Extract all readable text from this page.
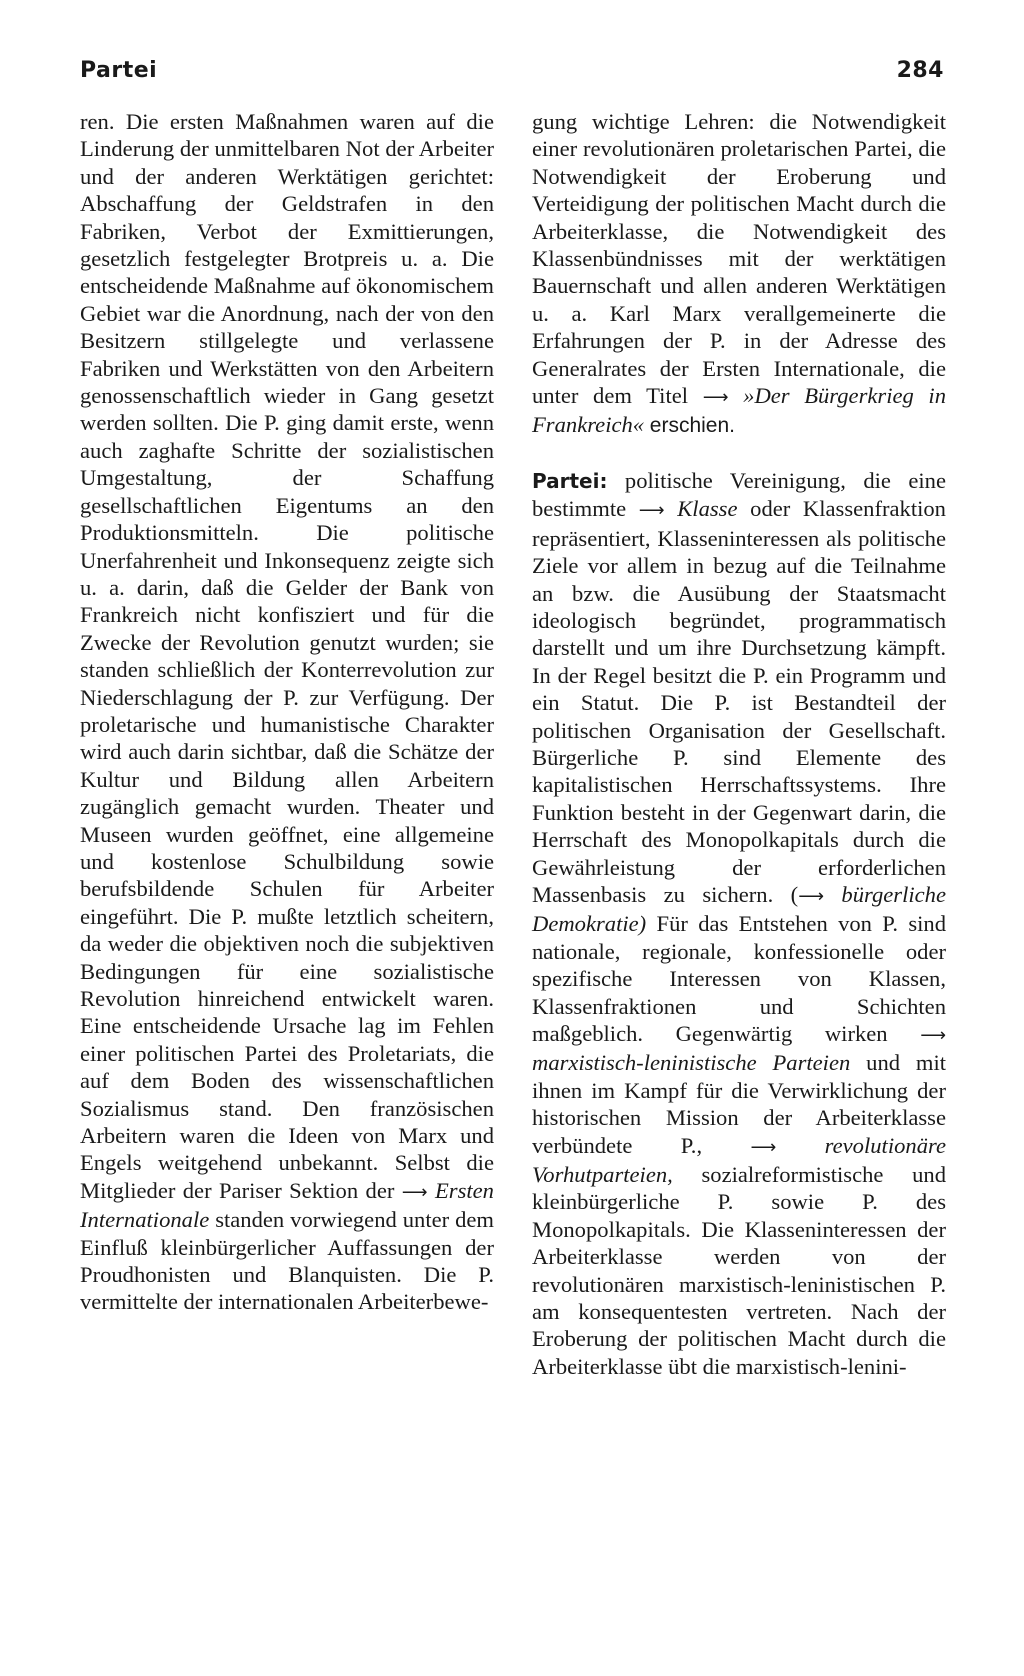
Partei	284

ren. Die ersten Maßnahmen waren auf die Linderung der unmittelbaren Not der Arbeiter und der anderen Werktätigen gerichtet: Abschaffung der Geldstrafen in den Fabriken, Verbot der Exmittierungen, gesetzlich festgelegter Brotpreis u. a. Die entscheidende Maßnahme auf ökonomischem Gebiet war die Anordnung, nach der von den Besitzern stillgelegte und verlassene Fabriken und Werkstätten von den Arbeitern genossenschaftlich wieder in Gang gesetzt werden sollten. Die P. ging damit erste, wenn auch zaghafte Schritte der sozialistischen Umgestaltung, der Schaffung gesellschaftlichen Eigentums an den Produktionsmitteln. Die politische Unerfahrenheit und Inkonsequenz zeigte sich u. a. darin, daß die Gelder der Bank von Frankreich nicht konfisziert und für die Zwecke der Revolution genutzt wurden; sie standen schließlich der Konterrevolution zur Niederschlagung der P. zur Verfügung. Der proletarische und humanistische Charakter wird auch darin sichtbar, daß die Schätze der Kultur und Bildung allen Arbeitern zugänglich gemacht wurden. Theater und Museen wurden geöffnet, eine allgemeine und kostenlose Schulbildung sowie berufsbildende Schulen für Arbeiter eingeführt. Die P. mußte letztlich scheitern, da weder die objektiven noch die subjektiven Bedingungen für eine sozialistische Revolution hinreichend entwickelt waren. Eine entscheidende Ursache lag im Fehlen einer politischen Partei des Proletariats, die auf dem Boden des wissenschaftlichen Sozialismus stand. Den französischen Arbeitern waren die Ideen von Marx und Engels weitgehend unbekannt. Selbst die Mitglieder der Pariser Sektion der ⟶ Ersten Internationale standen vorwiegend unter dem Einfluß kleinbürgerlicher Auffassungen der Proudhonisten und Blanquisten. Die P. vermittelte der internationalen Arbeiterbewe-

gung wichtige Lehren: die Notwendigkeit einer revolutionären proletarischen Partei, die Notwendigkeit der Eroberung und Verteidigung der politischen Macht durch die Arbeiterklasse, die Notwendigkeit des Klassenbündnisses mit der werktätigen Bauernschaft und allen anderen Werktätigen u. a. Karl Marx verallgemeinerte die Erfahrungen der P. in der Adresse des Generalrates der Ersten Internationale, die unter dem Titel ⟶ »Der Bürgerkrieg in Frankreich« erschien.

Partei: politische Vereinigung, die eine bestimmte ⟶ Klasse oder Klassenfraktion repräsentiert, Klasseninteressen als politische Ziele vor allem in bezug auf die Teilnahme an bzw. die Ausübung der Staatsmacht ideologisch begründet, programmatisch darstellt und um ihre Durchsetzung kämpft. In der Regel besitzt die P. ein Programm und ein Statut. Die P. ist Bestandteil der politischen Organisation der Gesellschaft. Bürgerliche P. sind Elemente des kapitalistischen Herrschaftssystems. Ihre Funktion besteht in der Gegenwart darin, die Herrschaft des Monopolkapitals durch die Gewährleistung der erforderlichen Massenbasis zu sichern. (⟶ bürgerliche Demokratie) Für das Entstehen von P. sind nationale, regionale, konfessionelle oder spezifische Interessen von Klassen, Klassenfraktionen und Schichten maßgeblich. Gegenwärtig wirken ⟶ marxistisch-leninistische Parteien und mit ihnen im Kampf für die Verwirklichung der historischen Mission der Arbeiterklasse verbündete P.,	⟶ revolutionäre Vorhutparteien, sozialreformistische und kleinbürgerliche P. sowie P. des Monopolkapitals. Die Klasseninteressen der Arbeiterklasse werden von der revolutionären marxistisch-leninistischen P. am konsequentesten vertreten. Nach der Eroberung der politischen Macht durch die Arbeiterklasse übt die marxistisch-lenini-
